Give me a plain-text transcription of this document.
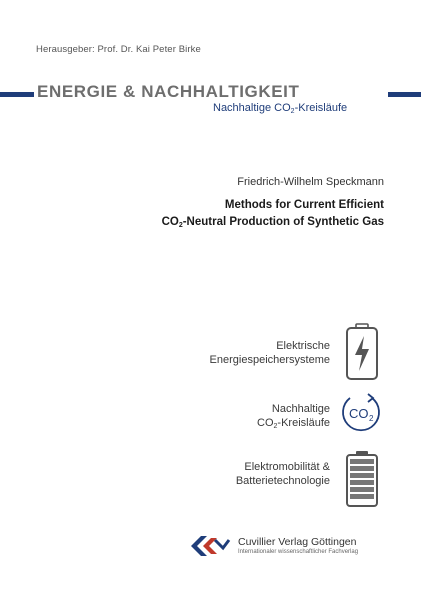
Herausgeber: Prof. Dr. Kai Peter Birke
ENERGIE & NACHHALTIGKEIT
Nachhaltige $CO_2$-Kreisläufe
Friedrich-Wilhelm Speckmann
Methods for Current Efficient
$CO_2$-Neutral Production of Synthetic Gas
Elektrische
Energiespeichersysteme
Nachhaltige
$CO_2$-Kreisläufe
CO 2
Elektromobilität &
Batterietechnologie
Cuvillier Verlag Göttingen
Internationaler wissenschaftlicher Fachverlag
